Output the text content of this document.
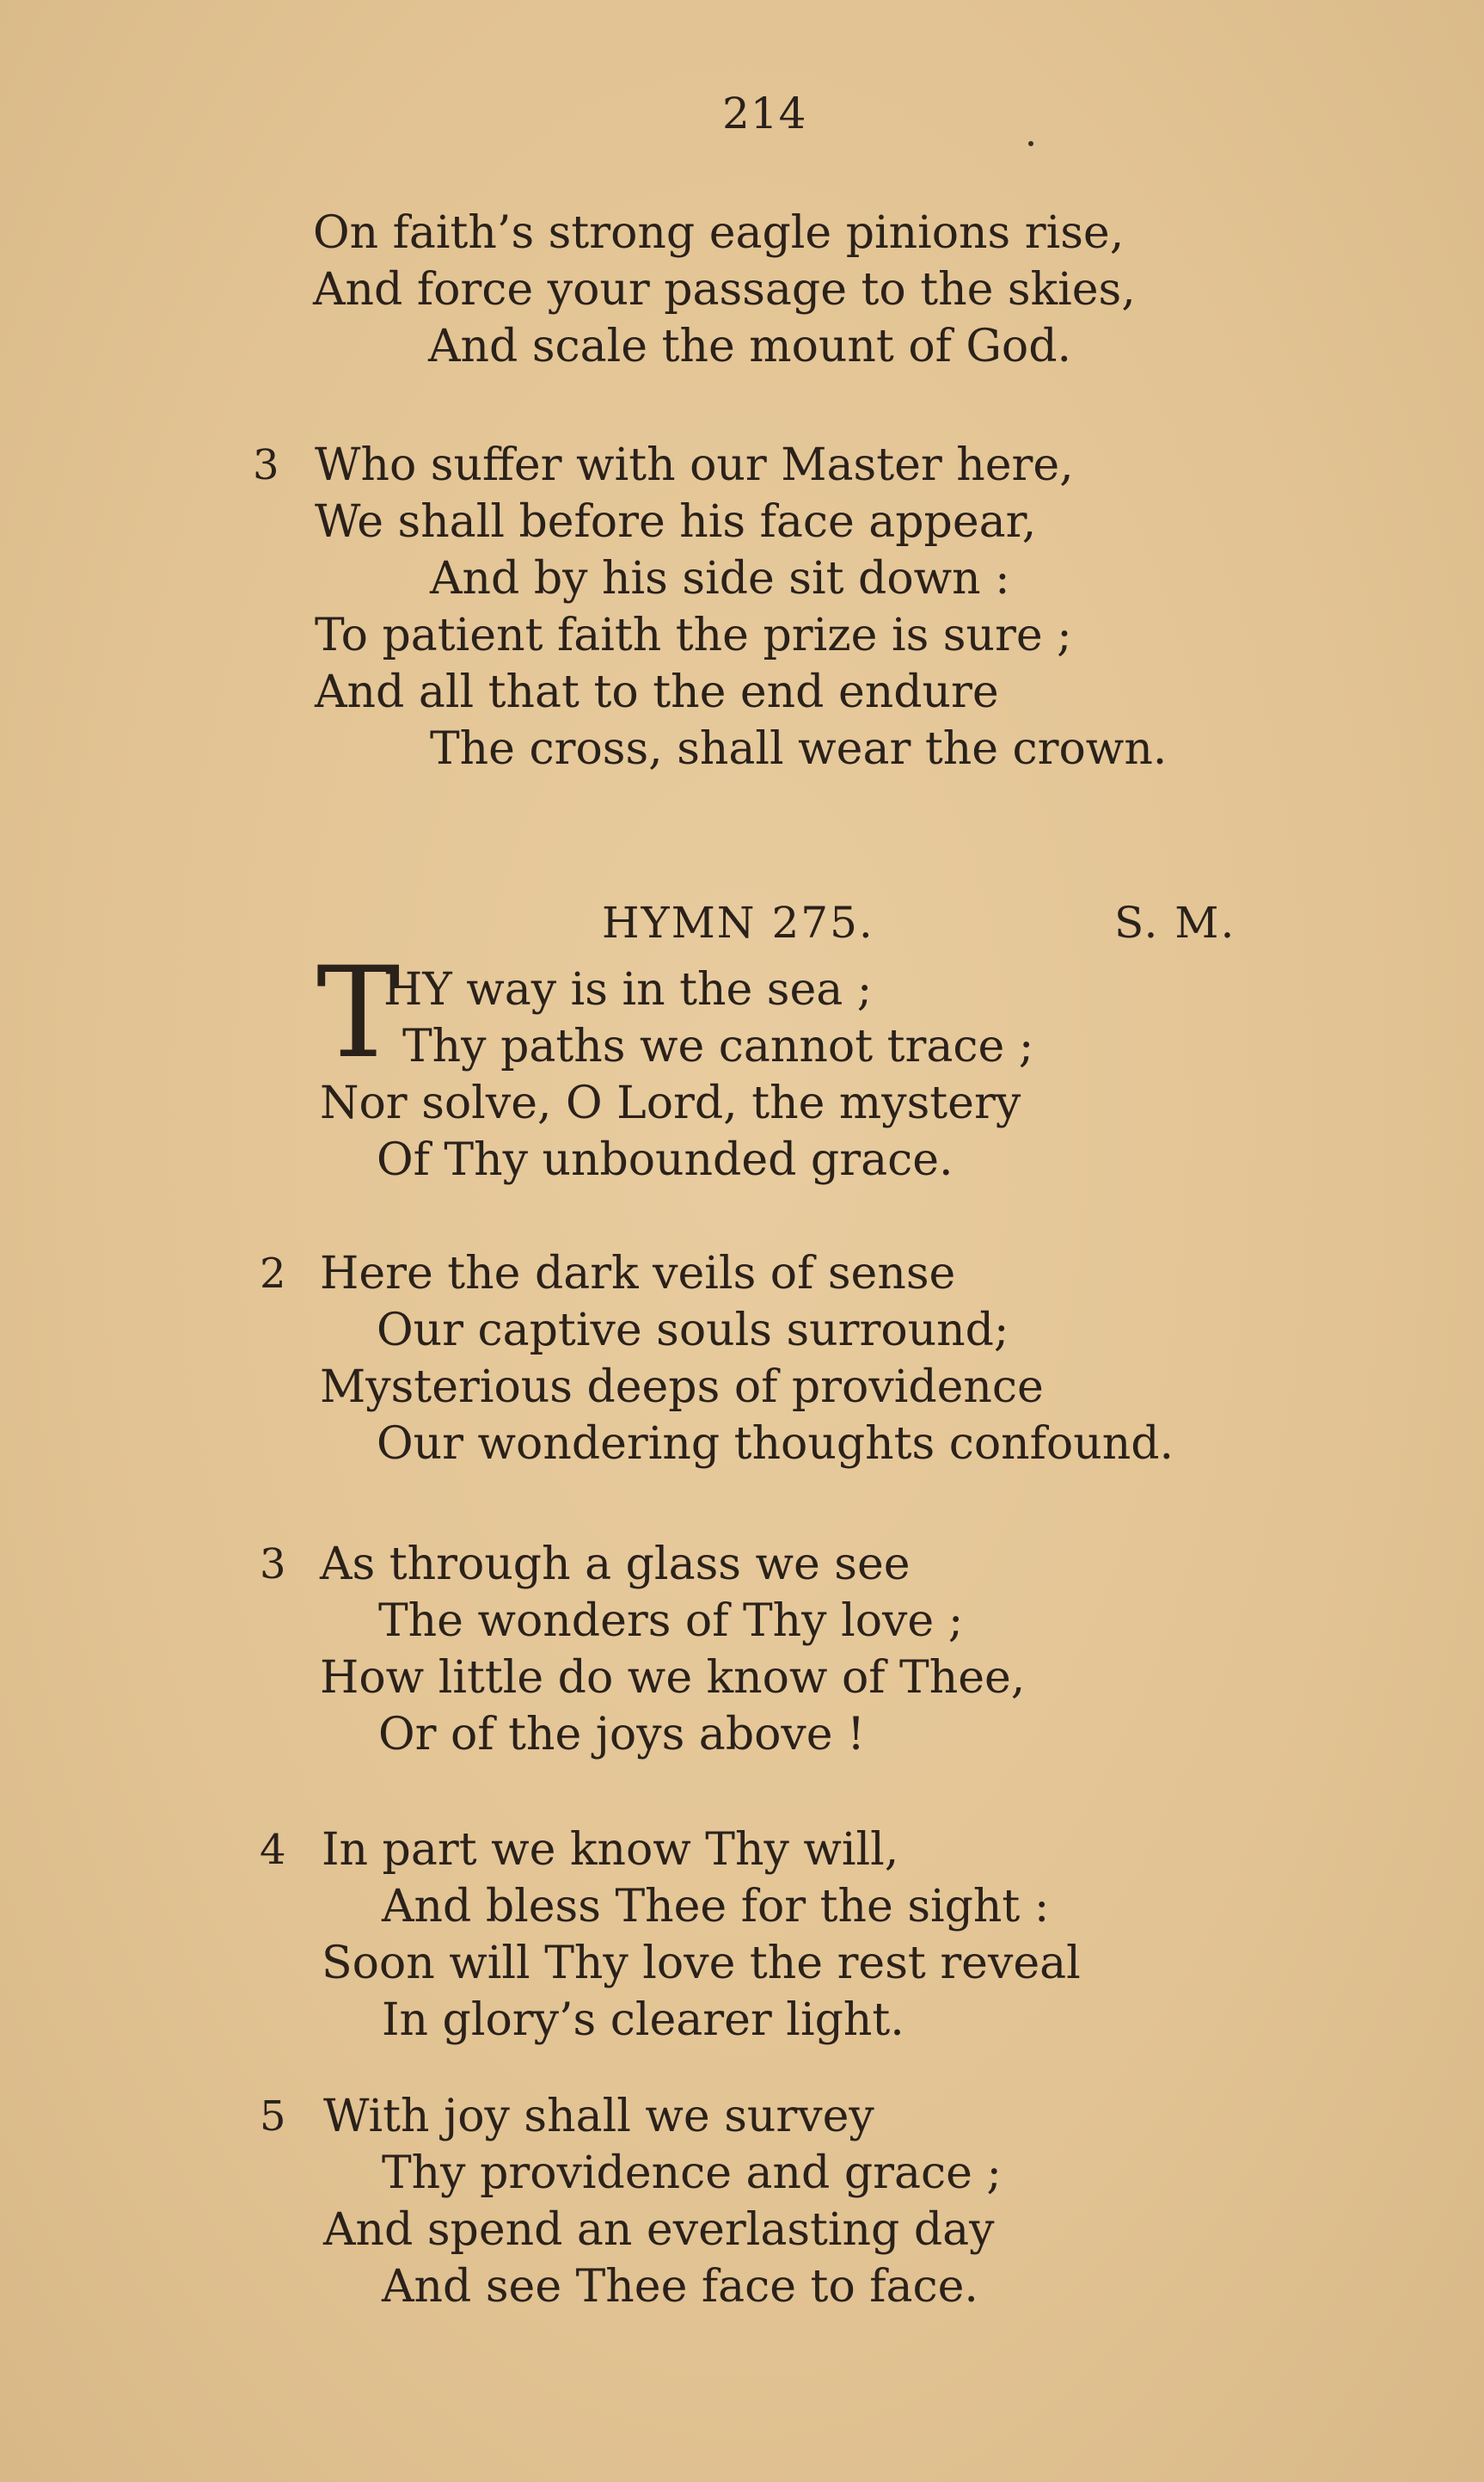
214
On faith’s strong eagle pinions rise,
And force your passage to the skies,
And scale the mount of God.
3 Who suffer with our Master here,
We shall before his face appear,
And by his side sit down :
To patient faith the prize is sure ;
And all that to the end endure
The cross, shall wear the crown.
HYMN 275.	S. M.
T
HY way is in the sea ;
Thy paths we cannot trace ;
Nor solve, O Lord, the mystery
Of Thy unbounded grace.
2 Here the dark veils of sense
Our captive souls surround;
Mysterious deeps of providence
Our wondering thoughts confound.
3 As through a glass we see
The wonders of Thy love ;
How little do we know of Thee,
Or of the joys above !
4 In part we know Thy will,
And bless Thee for the sight :
Soon will Thy love the rest reveal
In glory’s clearer light.
5 With joy shall we survey
Thy providence and grace ;
And spend an everlasting day
And see Thee face to face.
